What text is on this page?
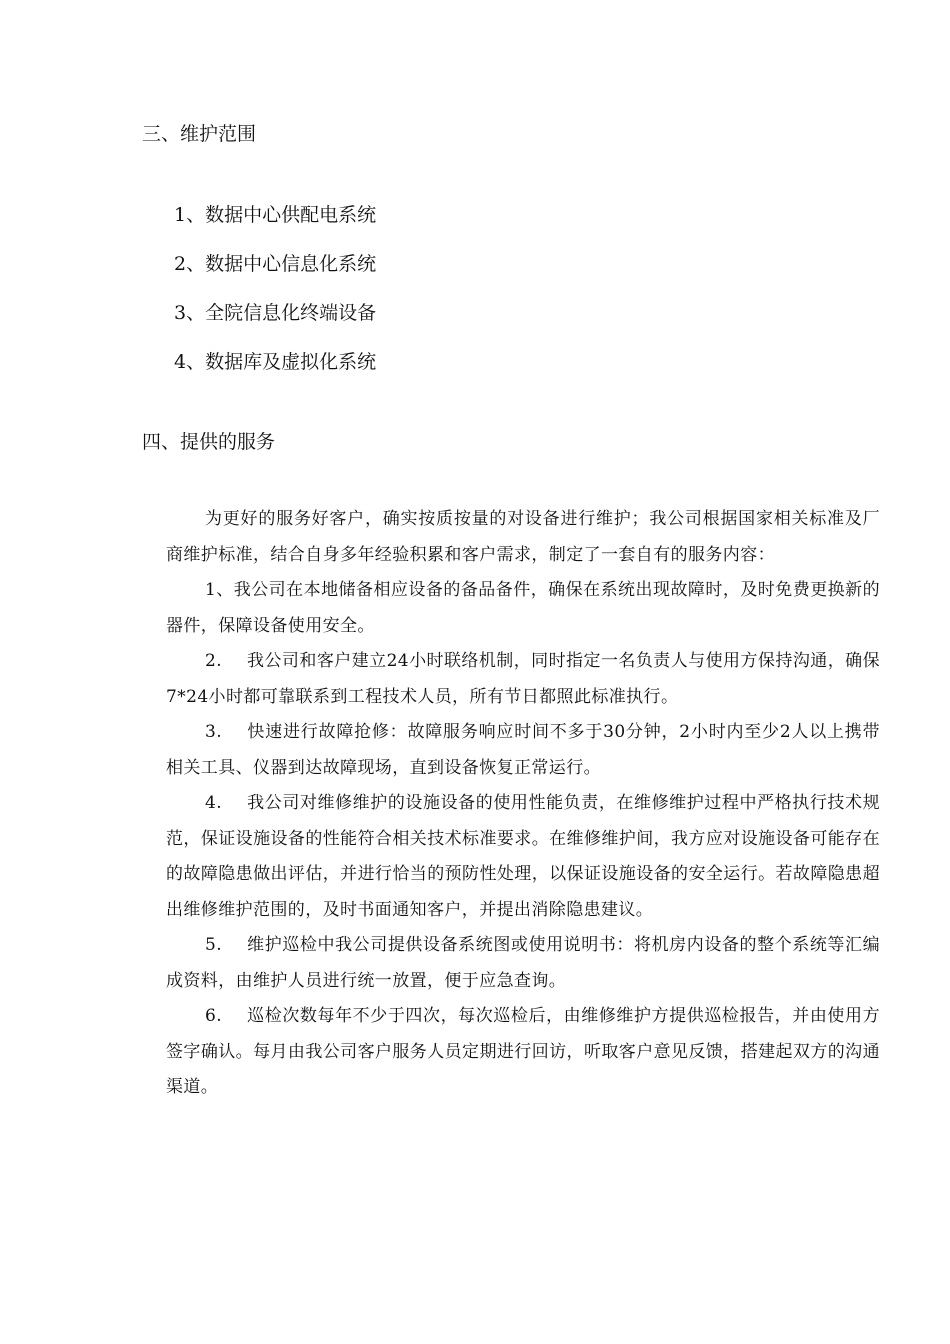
三、维护范围
1、数据中心供配电系统
2、数据中心信息化系统
3、全院信息化终端设备
4、数据库及虚拟化系统
四、提供的服务

为更好的服务好客户，确实按质按量的对设备进行维护；我公司根据国家相关标准及厂商维护标准，结合自身多年经验积累和客户需求，制定了一套自有的服务内容：

1、我公司在本地储备相应设备的备品备件，确保在系统出现故障时，及时免费更换新的器件，保障设备使用安全。

2. 我公司和客户建立24小时联络机制，同时指定一名负责人与使用方保持沟通，确保7*24小时都可靠联系到工程技术人员，所有节日都照此标准执行。

3. 快速进行故障抢修：故障服务响应时间不多于30分钟，2小时内至少2人以上携带相关工具、仪器到达故障现场，直到设备恢复正常运行。

4. 我公司对维修维护的设施设备的使用性能负责，在维修维护过程中严格执行技术规范，保证设施设备的性能符合相关技术标准要求。在维修维护间，我方应对设施设备可能存在的故障隐患做出评估，并进行恰当的预防性处理，以保证设施设备的安全运行。若故障隐患超出维修维护范围的，及时书面通知客户，并提出消除隐患建议。

5. 维护巡检中我公司提供设备系统图或使用说明书：将机房内设备的整个系统等汇编成资料，由维护人员进行统一放置，便于应急查询。

6. 巡检次数每年不少于四次，每次巡检后，由维修维护方提供巡检报告，并由使用方签字确认。每月由我公司客户服务人员定期进行回访，听取客户意见反馈，搭建起双方的沟通渠道。
